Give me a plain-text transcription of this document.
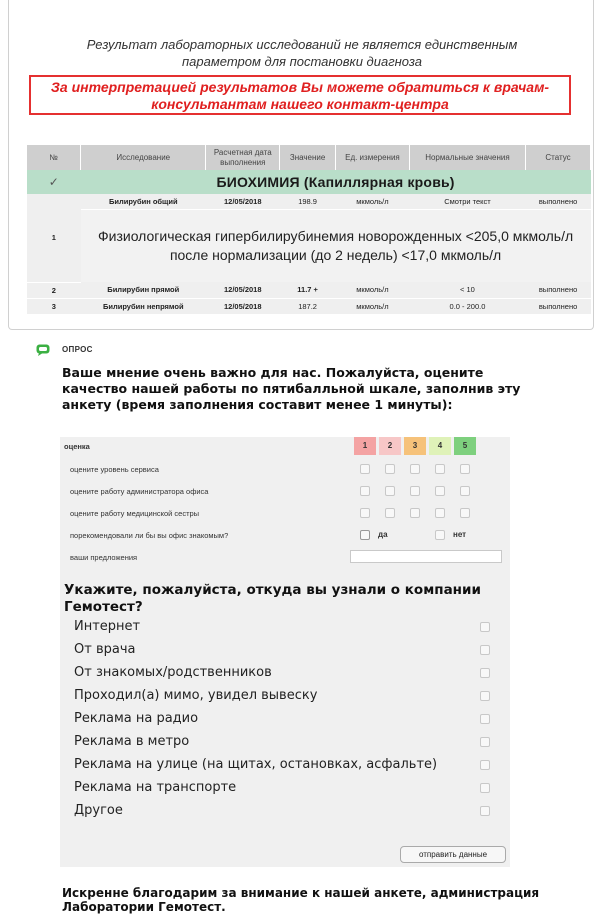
Результат лабораторных исследований не является единственным
параметром для постановки диагноза
За интерпретацией результатов Вы можете обратиться к врачам-
консультантам нашего контакт-центра
№	Исследование	Расчетная дата выполнения	Значение	Ед. измерения	Нормальные значения	Статус
✓	БИОХИМИЯ (Капиллярная кровь)					
1	Билирубин общий	12/05/2018	198.9	мкмоль/л	Смотри текст	выполнено

	Физиологическая гипербилирубинемия новорожденных <205,0 мкмоль/л
после нормализации (до 2 недель) <17,0 мкмоль/л					

2	Билирубин прямой	12/05/2018	11.7 +	мкмоль/л	< 10	выполнено
3	Билирубин непрямой	12/05/2018	187.2	мкмоль/л	0.0 - 200.0	выполнено
ОПРОС
Ваше мнение очень важно для нас. Пожалуйста, оцените качество нашей работы по пятибалльной шкале, заполнив эту анкету (время заполнения составит менее 1 минуты):
оценка	1	2	3	4	5
оцените уровень сервиса
оцените работу администратора офиса
оцените работу медицинской сестры
порекомендовали ли бы вы офис знакомым?	да	нет
ваши предложения
Укажите, пожалуйста, откуда вы узнали о компании Гемотест?
Интернет
От врача
От знакомых/родственников
Проходил(а) мимо, увидел вывеску
Реклама на радио
Реклама в метро
Реклама на улице (на щитах, остановках, асфальте)
Реклама на транспорте
Другое
отправить данные
Искренне благодарим за внимание к нашей анкете, администрация Лаборатории Гемотест.
